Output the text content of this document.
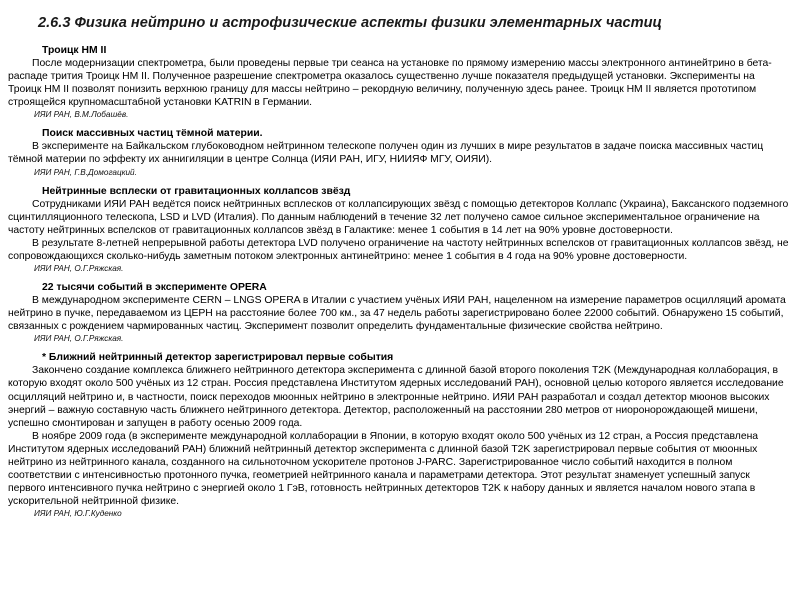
2.6.3 Физика нейтрино и астрофизические аспекты физики элементарных частиц

Троицк НМ II

После модернизации спектрометра, были проведены первые три сеанса на установке по прямому измерению массы электронного антинейтрино в бета-распаде трития Троицк НМ II. Полученное разрешение спектрометра оказалось существенно лучше показателя предыдущей установки. Эксперименты на Троицк НМ II позволят понизить верхнюю границу для массы нейтрино – рекордную величину, полученную здесь ранее. Троицк НМ II является прототипом строящейся крупномасштабной установки KATRIN в Германии.

ИЯИ РАН, В.М.Лобашёв.

Поиск массивных частиц тёмной материи.

В эксперименте на Байкальском глубоководном нейтринном телескопе получен один из лучших в мире результатов в задаче поиска массивных частиц тёмной материи по эффекту их аннигиляции в центре Солнца (ИЯИ РАН, ИГУ, НИИЯФ МГУ, ОИЯИ).

ИЯИ РАН, Г.В.Домогацкий.

Нейтринные всплески от гравитационных коллапсов звёзд

Сотрудниками ИЯИ РАН ведётся поиск нейтринных всплесков от коллапсирующих звёзд с помощью детекторов Коллапс (Украина), Баксанского подземного сцинтилляционного телескопа, LSD и LVD (Италия). По данным наблюдений в течение 32 лет получено самое сильное экспериментальное ограничение на частоту нейтринных вспелсков от гравитационных коллапсов звёзд в Галактике: менее 1 события в 14 лет на 90% уровне достоверности.

В результате 8-летней непрерывной работы детектора LVD получено ограничение на частоту нейтринных вспелсков от гравитационных коллапсов звёзд, не сопровождающихся сколько-нибудь заметным потоком электронных антинейтрино: менее 1 события в 4 года на 90% уровне достоверности.

ИЯИ РАН, О.Г.Ряжская.

22 тысячи событий в эксперименте OPERA

В международном эксперименте CERN – LNGS OPERA в Италии с участием учёных ИЯИ РАН, нацеленном на измерение параметров осцилляций аромата нейтрино в пучке, передаваемом из ЦЕРН на расстояние более 700 км., за 47 недель работы зарегистрировано более 22000 событий. Обнаружено 15 событий, связанных с рождением чармированных частиц. Эксперимент позволит определить фундаментальные физические свойства нейтрино.

ИЯИ РАН, О.Г.Ряжская.

* Ближний нейтринный детектор зарегистрировал первые события

Закончено создание комплекса ближнего нейтринного детектора эксперимента с длинной базой второго поколения T2K (Международная коллаборация, в которую входят около 500 учёных из 12 стран. Россия представлена Институтом ядерных исследований РАН), основной целью которого является исследование осцилляций нейтрино и, в частности, поиск переходов мюонных нейтрино в электронные нейтрино. ИЯИ РАН разработал и создал детектор мюонов высоких энергий – важную составную часть ближнего нейтринного детектора. Детектор, расположенный на расстоянии 280 метров от ниоронорождающей мишени, успешно смонтирован и запущен в работу осенью 2009 года.

В ноябре 2009 года (в эксперименте международной коллаборации в Японии, в которую входят около 500 учёных из 12 стран, а Россия представлена Институтом ядерных исследований РАН) ближний нейтринный детектор эксперимента с длинной базой T2K зарегистрировал первые события от мюонных нейтрино из нейтринного канала, созданного на сильноточном ускорителе протонов J-PARC. Зарегистрированное число событий находится в полном соответствии с интенсивностью протонного пучка, геометрией нейтринного канала и параметрами детектора. Этот результат знаменует успешный запуск первого интенсивного пучка нейтрино с энергией около 1 ГэВ, готовность нейтринных детекторов T2K к набору данных и является началом нового этапа в ускорительной нейтринной физике.

ИЯИ РАН, Ю.Г.Куденко
